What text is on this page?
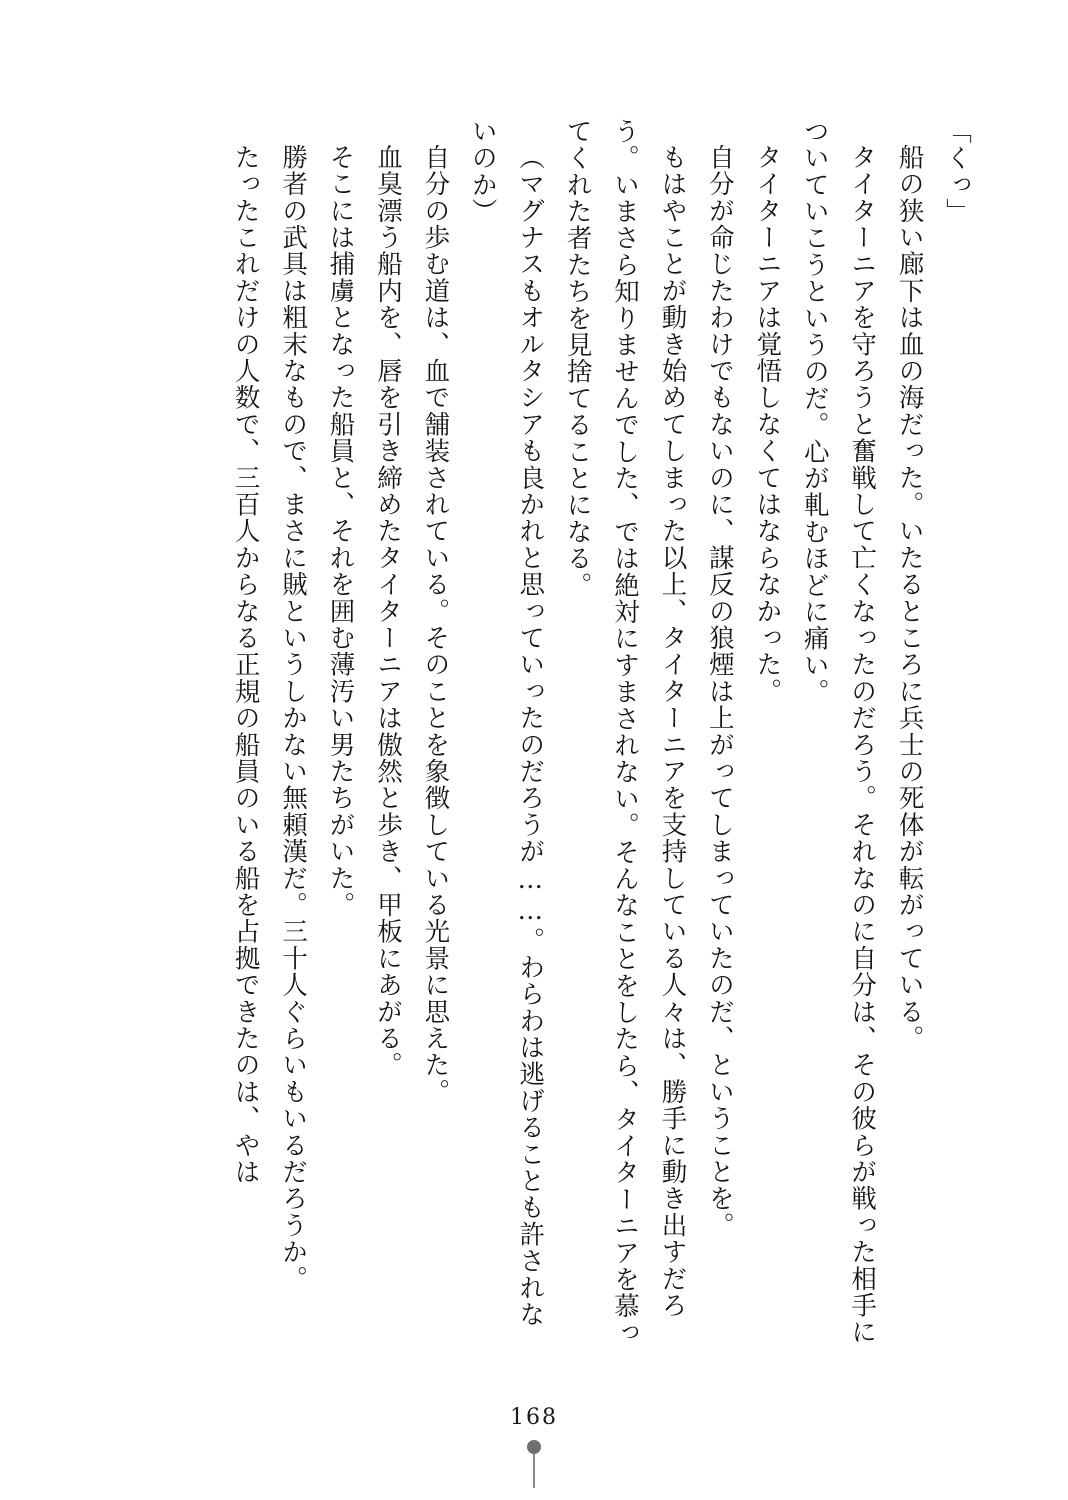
「くっ」

船の狭い廊下は血の海だった。いたるところに兵士の死体が転がっている。

タイターニアを守ろうと奮戦して亡くなったのだろう。それなのに自分は、その彼らが戦った相手についていこうというのだ。心が軋むほどに痛い。

タイターニアは覚悟しなくてはならなかった。

自分が命じたわけでもないのに、謀反の狼煙は上がってしまっていたのだ、ということを。

もはやことが動き始めてしまった以上、タイターニアを支持している人々は、勝手に動き出すだろう。いまさら知りませんでした、では絶対にすまされない。そんなことをしたら、タイターニアを慕ってくれた者たちを見捨てることになる。

（マグナスもオルタシアも良かれと思っていったのだろうが……。わらわは逃げることも許されないのか）

自分の歩む道は、血で舗装されている。そのことを象徴している光景に思えた。

血臭漂う船内を、唇を引き締めたタイターニアは傲然と歩き、甲板にあがる。

そこには捕虜となった船員と、それを囲む薄汚い男たちがいた。

勝者の武具は粗末なもので、まさに賊というしかない無頼漢だ。三十人ぐらいもいるだろうか。

たったこれだけの人数で、三百人からなる正規の船員のいる船を占拠できたのは、やは

168
